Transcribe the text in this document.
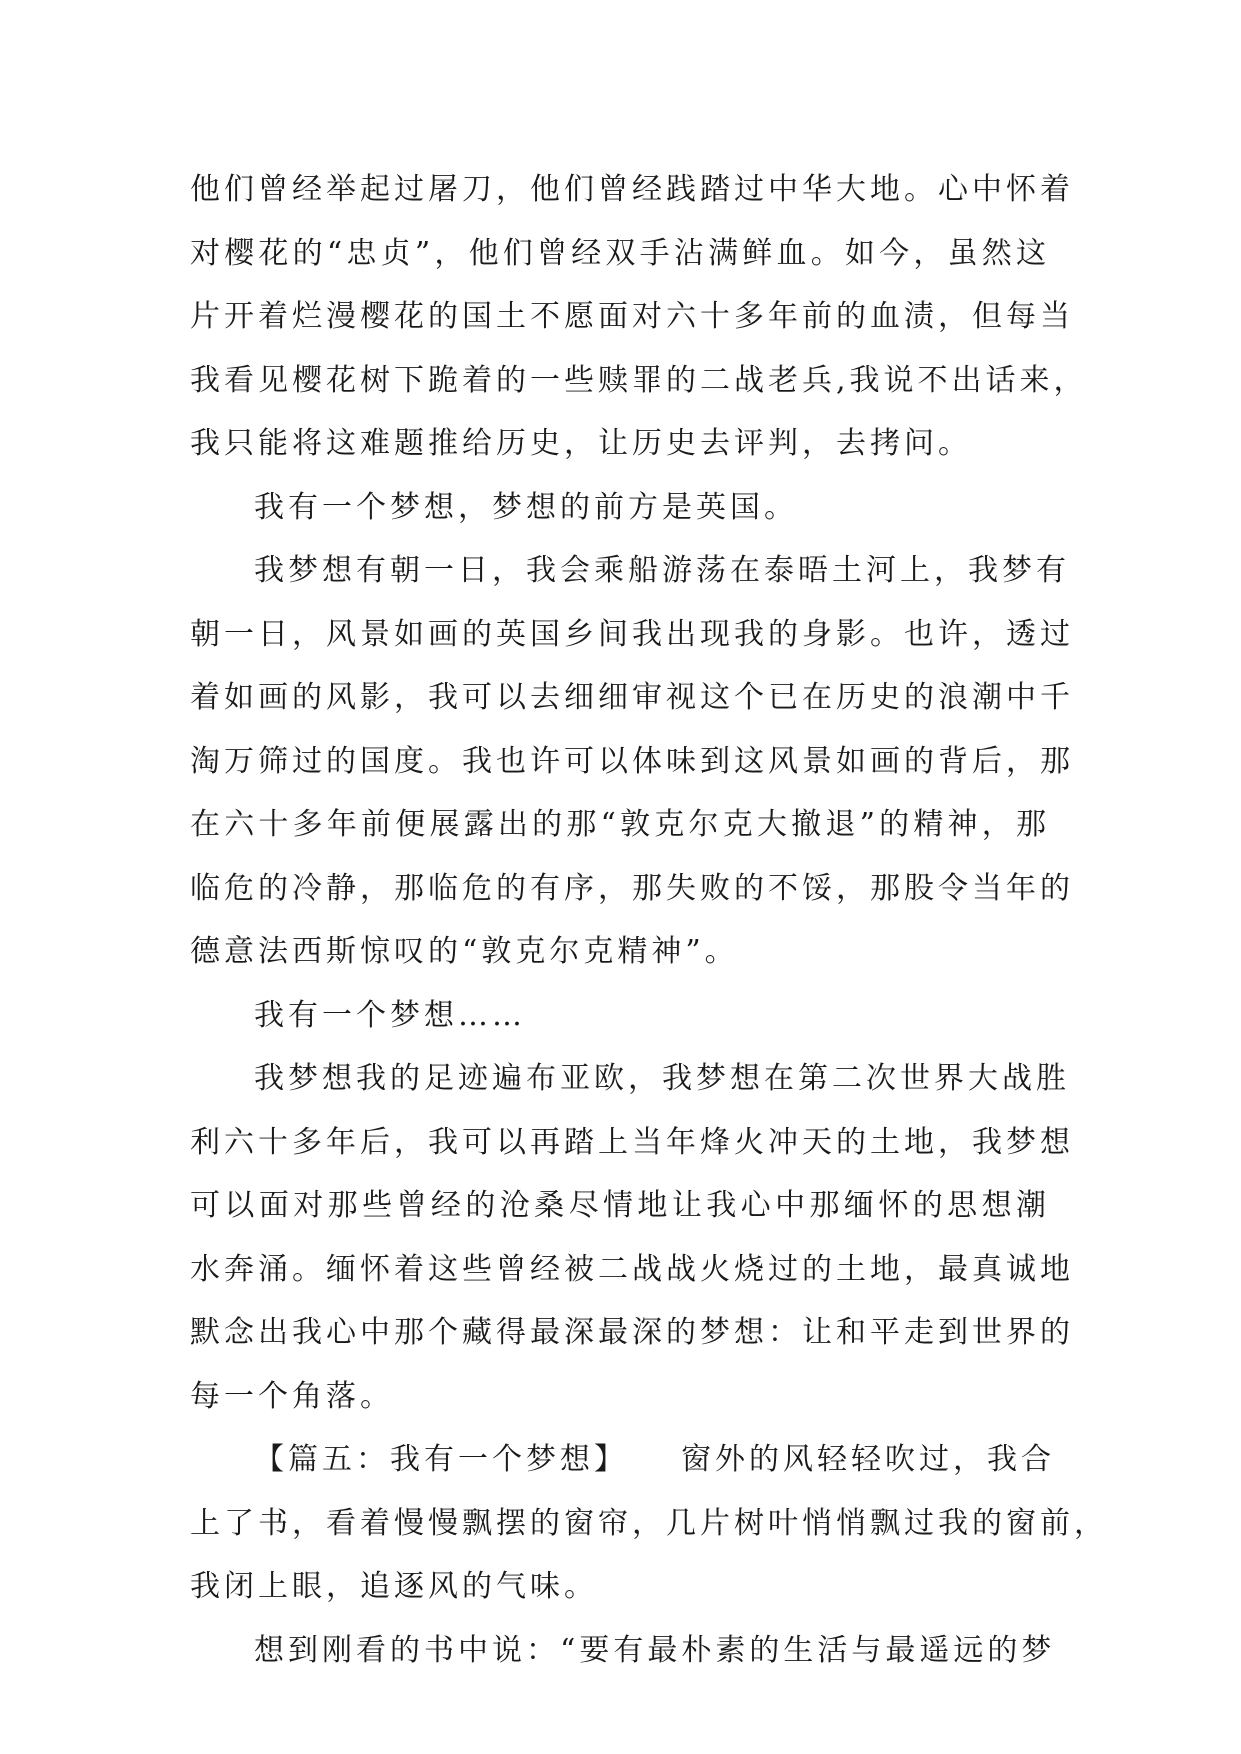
他们曾经举起过屠刀，他们曾经践踏过中华大地。心中怀着
对樱花的“忠贞”，他们曾经双手沾满鲜血。如今，虽然这
片开着烂漫樱花的国土不愿面对六十多年前的血渍，但每当
我看见樱花树下跪着的一些赎罪的二战老兵,我说不出话来，
我只能将这难题推给历史，让历史去评判，去拷问。
我有一个梦想，梦想的前方是英国。
我梦想有朝一日，我会乘船游荡在泰晤土河上，我梦有
朝一日，风景如画的英国乡间我出现我的身影。也许，透过
着如画的风影，我可以去细细审视这个已在历史的浪潮中千
淘万筛过的国度。我也许可以体味到这风景如画的背后，那
在六十多年前便展露出的那“敦克尔克大撤退”的精神，那
临危的冷静，那临危的有序，那失败的不馁，那股令当年的
德意法西斯惊叹的“敦克尔克精神”。
我有一个梦想……
我梦想我的足迹遍布亚欧，我梦想在第二次世界大战胜
利六十多年后，我可以再踏上当年烽火冲天的土地，我梦想
可以面对那些曾经的沧桑尽情地让我心中那缅怀的思想潮
水奔涌。缅怀着这些曾经被二战战火烧过的土地，最真诚地
默念出我心中那个藏得最深最深的梦想：让和平走到世界的
每一个角落。
【篇五：我有一个梦想】　　窗外的风轻轻吹过，我合
上了书，看着慢慢飘摆的窗帘，几片树叶悄悄飘过我的窗前，
我闭上眼，追逐风的气味。
想到刚看的书中说：“要有最朴素的生活与最遥远的梦
